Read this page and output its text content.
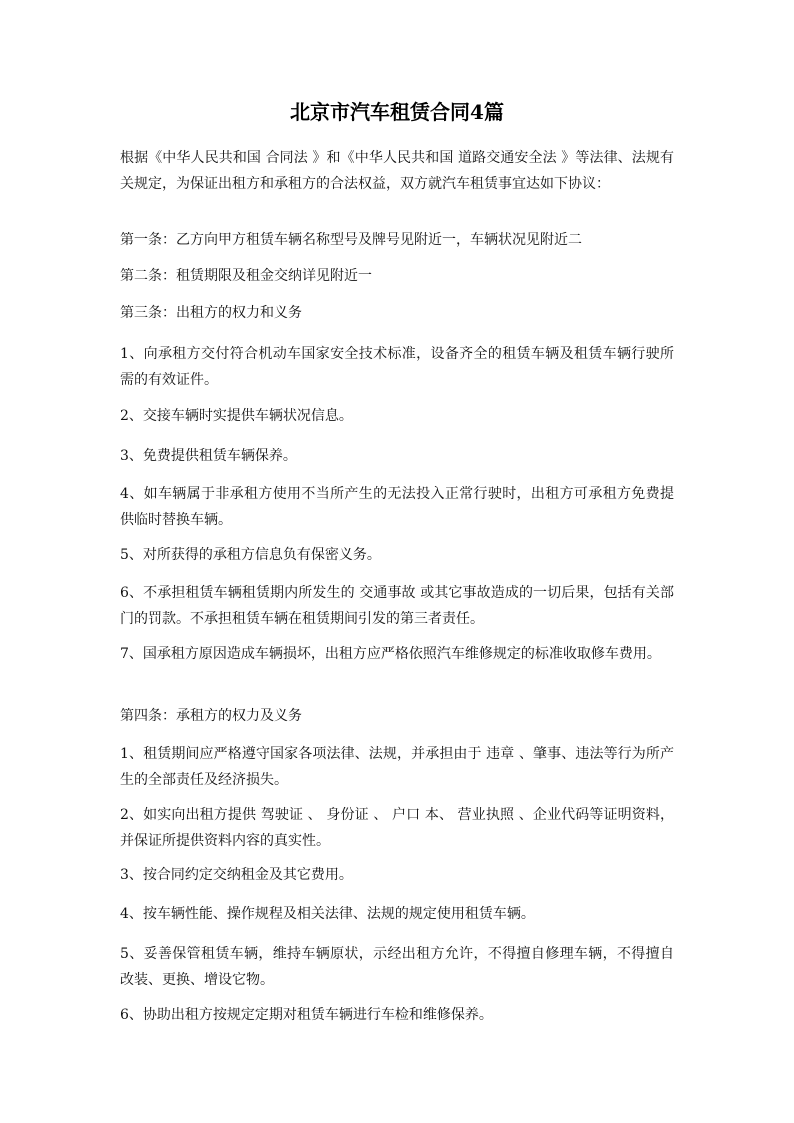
北京市汽车租赁合同4篇

根据《中华人民共和国 合同法 》和《中华人民共和国 道路交通安全法 》等法律、法规有关规定，为保证出租方和承租方的合法权益，双方就汽车租赁事宜达如下协议：

第一条：乙方向甲方租赁车辆名称型号及牌号见附近一，车辆状况见附近二

第二条：租赁期限及租金交纳详见附近一

第三条：出租方的权力和义务

1、向承租方交付符合机动车国家安全技术标准，设备齐全的租赁车辆及租赁车辆行驶所需的有效证件。

2、交接车辆时实提供车辆状况信息。

3、免费提供租赁车辆保养。

4、如车辆属于非承租方使用不当所产生的无法投入正常行驶时，出租方可承租方免费提供临时替换车辆。

5、对所获得的承租方信息负有保密义务。

6、不承担租赁车辆租赁期内所发生的 交通事故 或其它事故造成的一切后果，包括有关部门的罚款。不承担租赁车辆在租赁期间引发的第三者责任。

7、国承租方原因造成车辆损坏，出租方应严格依照汽车维修规定的标准收取修车费用。

第四条：承租方的权力及义务

1、租赁期间应严格遵守国家各项法律、法规，并承担由于 违章 、肇事、违法等行为所产生的全部责任及经济损失。

2、如实向出租方提供 驾驶证 、 身份证 、 户口 本、 营业执照 、企业代码等证明资料，并保证所提供资料内容的真实性。

3、按合同约定交纳租金及其它费用。

4、按车辆性能、操作规程及相关法律、法规的规定使用租赁车辆。

5、妥善保管租赁车辆，维持车辆原状，示经出租方允许，不得擅自修理车辆，不得擅自改装、更换、增设它物。

6、协助出租方按规定定期对租赁车辆进行车检和维修保养。
